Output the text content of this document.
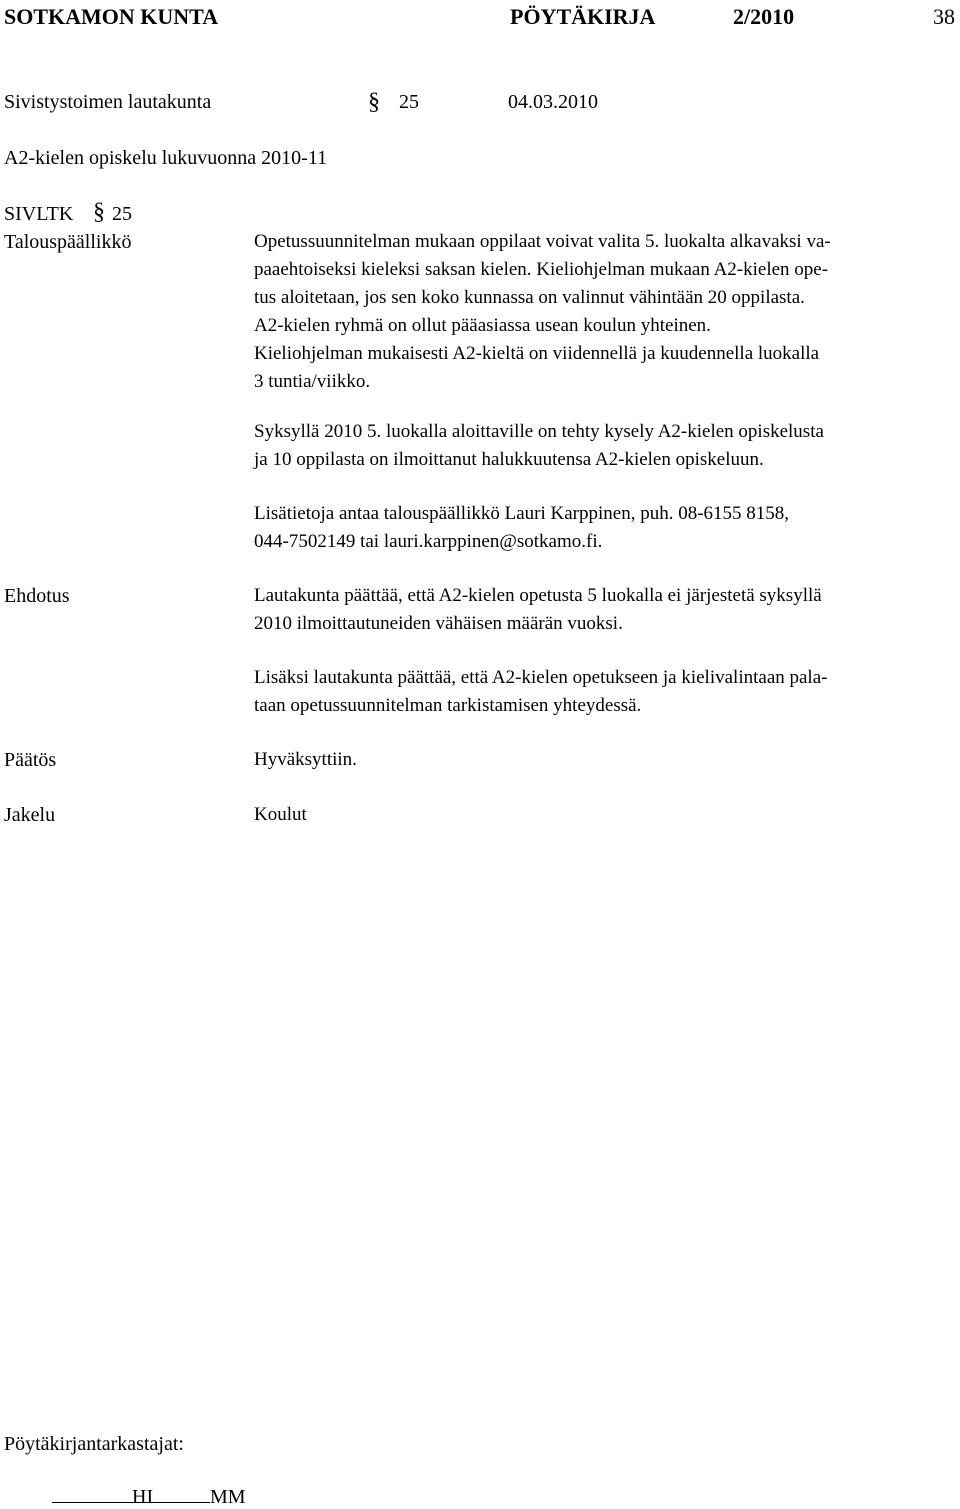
SOTKAMON KUNTA	PÖYTÄKIRJA	2/2010	38
Sivistystoimen lautakunta	§ 25	04.03.2010
A2-kielen opiskelu lukuvuonna 2010-11
SIVLTK § 25
Talouspäällikkö	Opetussuunnitelman mukaan oppilaat voivat valita 5. luokalta alkavaksi va-
paaehtoiseksi kieleksi saksan kielen. Kieliohjelman mukaan A2-kielen ope-
tus aloitetaan, jos sen koko kunnassa on valinnut vähintään 20 oppilasta.
A2-kielen ryhmä on ollut pääasiassa usean koulun yhteinen.
Kieliohjelman mukaisesti A2-kieltä on viidennellä ja kuudennella luokalla
3 tuntia/viikko.
Syksyllä 2010 5. luokalla aloittaville on tehty kysely A2-kielen opiskelusta
ja 10 oppilasta on ilmoittanut halukkuutensa A2-kielen opiskeluun.
Lisätietoja antaa talouspäällikkö Lauri Karppinen, puh. 08-6155 8158,
044-7502149 tai lauri.karppinen@sotkamo.fi.
Ehdotus	Lautakunta päättää, että A2-kielen opetusta 5 luokalla ei järjestetä syksyllä
2010 ilmoittautuneiden vähäisen määrän vuoksi.
Lisäksi lautakunta päättää, että A2-kielen opetukseen ja kielivalintaan pala-
taan opetussuunnitelman tarkistamisen yhteydessä.
Päätös	Hyväksyttiin.
Jakelu	Koulut
Pöytäkirjantarkastajat:
HI	MM
